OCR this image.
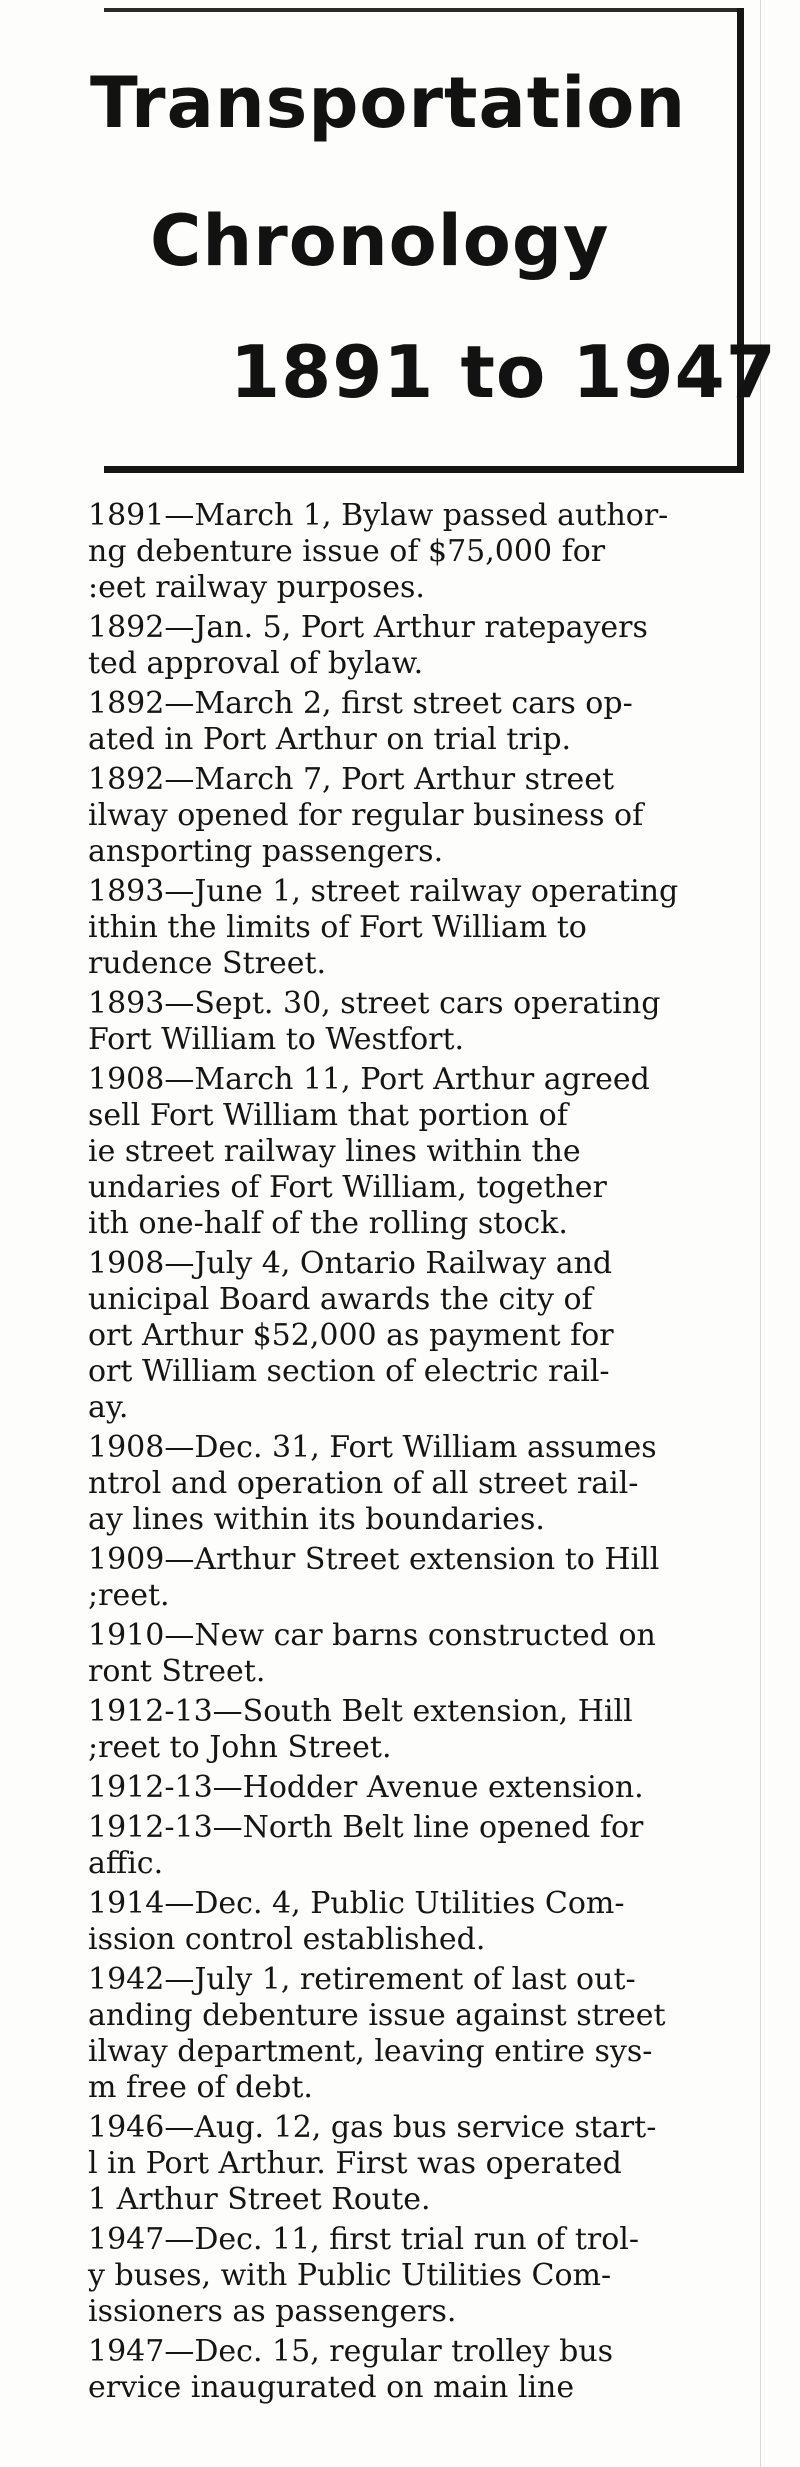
Transportation
Chronology
1891 to 1947
1891—March 1, Bylaw passed author-
ng debenture issue of $75,000 for
:eet railway purposes.
1892—Jan. 5, Port Arthur ratepayers
ted approval of bylaw.
1892—March 2, first street cars op-
ated in Port Arthur on trial trip.
1892—March 7, Port Arthur street
ilway opened for regular business of
ansporting passengers.
1893—June 1, street railway operating
ithin the limits of Fort William to
rudence Street.
1893—Sept. 30, street cars operating
Fort William to Westfort.
1908—March 11, Port Arthur agreed
sell Fort William that portion of
ie street railway lines within the
undaries of Fort William, together
ith one-half of the rolling stock.
1908—July 4, Ontario Railway and
unicipal Board awards the city of
ort Arthur $52,000 as payment for
ort William section of electric rail-
ay.
1908—Dec. 31, Fort William assumes
ntrol and operation of all street rail-
ay lines within its boundaries.
1909—Arthur Street extension to Hill
;reet.
1910—New car barns constructed on
ront Street.
1912-13—South Belt extension, Hill
;reet to John Street.
1912-13—Hodder Avenue extension.
1912-13—North Belt line opened for
affic.
1914—Dec. 4, Public Utilities Com-
ission control established.
1942—July 1, retirement of last out-
anding debenture issue against street
ilway department, leaving entire sys-
m free of debt.
1946—Aug. 12, gas bus service start-
l in Port Arthur. First was operated
1 Arthur Street Route.
1947—Dec. 11, first trial run of trol-
y buses, with Public Utilities Com-
issioners as passengers.
1947—Dec. 15, regular trolley bus
ervice inaugurated on main line
